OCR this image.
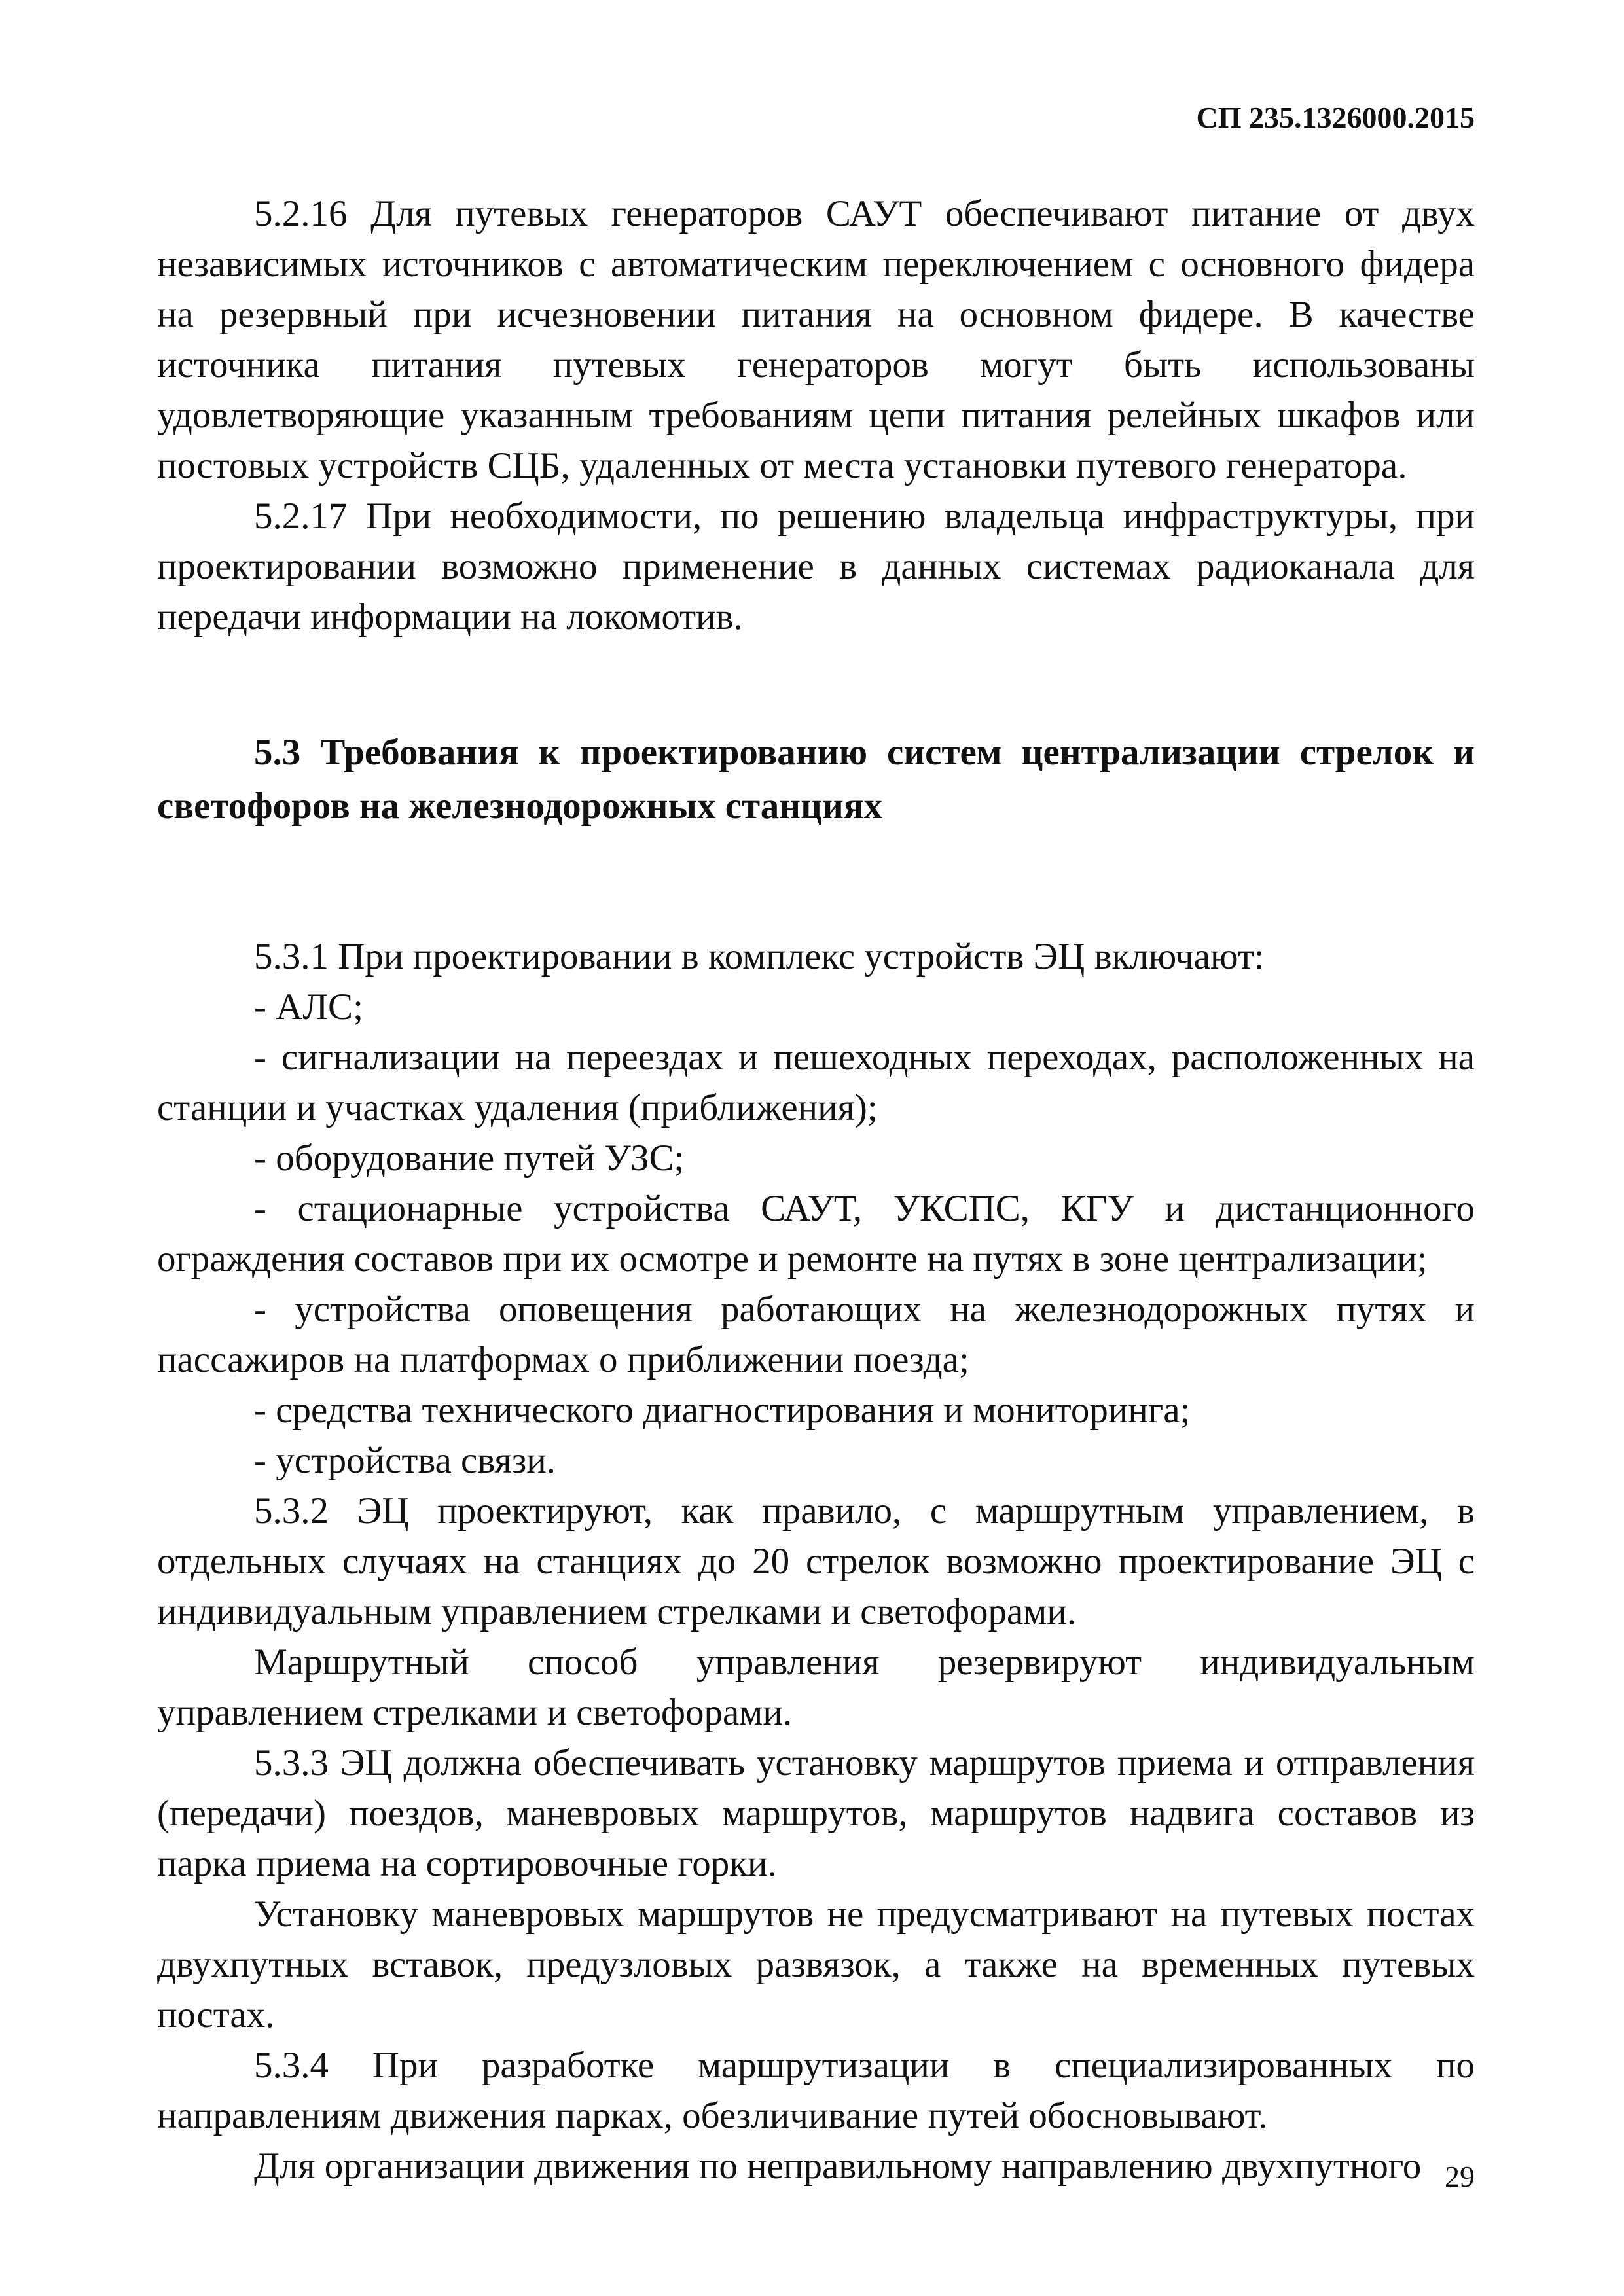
СП 235.1326000.2015

5.2.16 Для путевых генераторов САУТ обеспечивают питание от двух независимых источников с автоматическим переключением с основного фидера на резервный при исчезновении питания на основном фидере. В качестве источника питания путевых генераторов могут быть использованы удовлетворяющие указанным требованиям цепи питания релейных шкафов или постовых устройств СЦБ, удаленных от места установки путевого генератора.

5.2.17 При необходимости, по решению владельца инфраструктуры, при проектировании возможно применение в данных системах радиоканала для передачи информации на локомотив.

5.3 Требования к проектированию систем централизации стрелок и светофоров на железнодорожных станциях

5.3.1 При проектировании в комплекс устройств ЭЦ включают:

- АЛС;

- сигнализации на переездах и пешеходных переходах, расположенных на станции и участках удаления (приближения);

- оборудование путей УЗС;

- стационарные устройства САУТ, УКСПС, КГУ и дистанционного ограждения составов при их осмотре и ремонте на путях в зоне централизации;

- устройства оповещения работающих на железнодорожных путях и пассажиров на платформах о приближении поезда;

- средства технического диагностирования и мониторинга;

- устройства связи.

5.3.2 ЭЦ проектируют, как правило, с маршрутным управлением, в отдельных случаях на станциях до 20 стрелок возможно проектирование ЭЦ с индивидуальным управлением стрелками и светофорами.

Маршрутный способ управления резервируют индивидуальным управлением стрелками и светофорами.

5.3.3 ЭЦ должна обеспечивать установку маршрутов приема и отправления (передачи) поездов, маневровых маршрутов, маршрутов надвига составов из парка приема на сортировочные горки.

Установку маневровых маршрутов не предусматривают на путевых постах двухпутных вставок, предузловых развязок, а также на временных путевых постах.

5.3.4 При разработке маршрутизации в специализированных по направлениям движения парках, обезличивание путей обосновывают.

Для организации движения по неправильному направлению двухпутного 29
